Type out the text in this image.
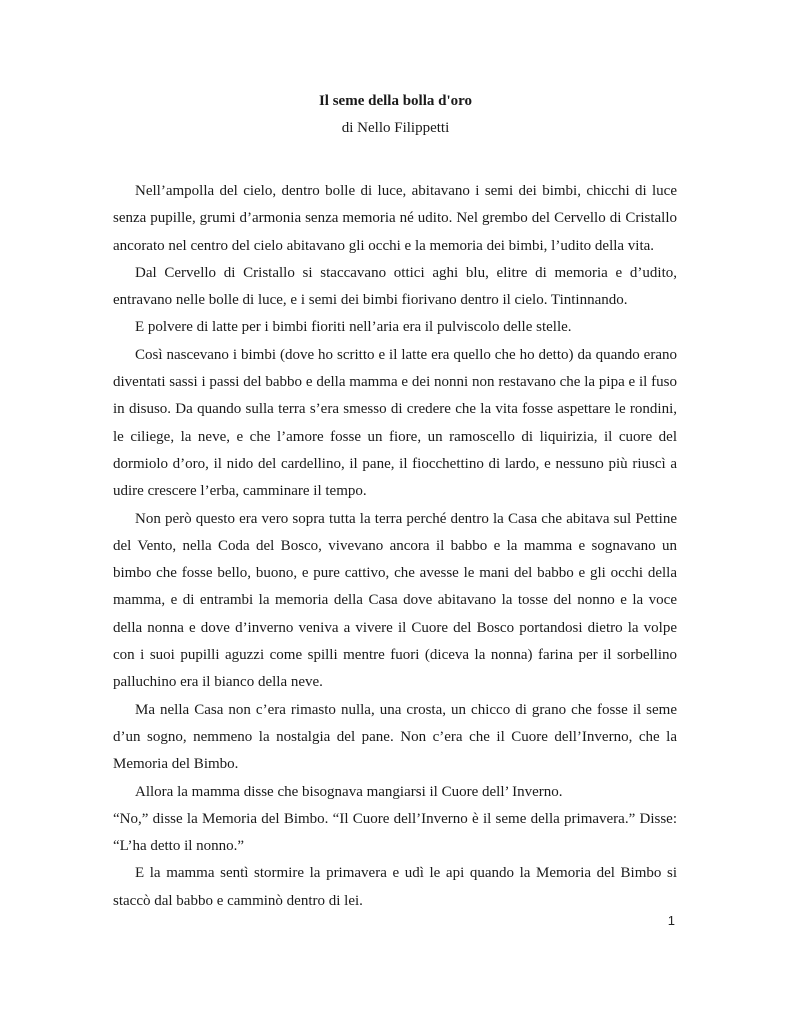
Il seme della bolla d'oro
di Nello Filippetti

Nell’ampolla del cielo, dentro bolle di luce, abitavano i semi dei bimbi, chicchi di luce senza pupille, grumi d’armonia senza memoria né udito. Nel grembo del Cervello di Cristallo ancorato nel centro del cielo abitavano gli occhi e la memoria dei bimbi, l’udito della vita.

Dal Cervello di Cristallo si staccavano ottici aghi blu, elitre di memoria e d’udito, entravano nelle bolle di luce, e i semi dei bimbi fiorivano dentro il cielo. Tintinnando.

E polvere di latte per i bimbi fioriti nell’aria era il pulviscolo delle stelle.

Così nascevano i bimbi (dove ho scritto e il latte era quello che ho detto) da quando erano diventati sassi i passi del babbo e della mamma e dei nonni non restavano che la pipa e il fuso in disuso. Da quando sulla terra s’era smesso di credere che la vita fosse aspettare le rondini, le ciliege, la neve, e che l’amore fosse un fiore, un ramoscello di liquirizia, il cuore del dormiolo d’oro, il nido del cardellino, il pane, il fiocchettino di lardo, e nessuno più riuscì a udire crescere l’erba, camminare il tempo.

Non però questo era vero sopra tutta la terra perché dentro la Casa che abitava sul Pettine del Vento, nella Coda del Bosco, vivevano ancora il babbo e la mamma e sognavano un bimbo che fosse bello, buono, e pure cattivo, che avesse le mani del babbo e gli occhi della mamma, e di entrambi la memoria della Casa dove abitavano la tosse del nonno e la voce della nonna e dove d’inverno veniva a vivere il Cuore del Bosco portandosi dietro la volpe con i suoi pupilli aguzzi come spilli mentre fuori (diceva la nonna) farina per il sorbellino palluchino era il bianco della neve.

Ma nella Casa non c’era rimasto nulla, una crosta, un chicco di grano che fosse il seme d’un sogno, nemmeno la nostalgia del pane. Non c’era che il Cuore dell’Inverno, che la Memoria del Bimbo.

Allora la mamma disse che bisognava mangiarsi il Cuore dell’ Inverno.

“No,” disse la Memoria del Bimbo. “Il Cuore dell’Inverno è il seme della primavera.” Disse: “L’ha detto il nonno.”

E la mamma sentì stormire la primavera e udì le api quando la Memoria del Bimbo si staccò dal babbo e camminò dentro di lei.

1
